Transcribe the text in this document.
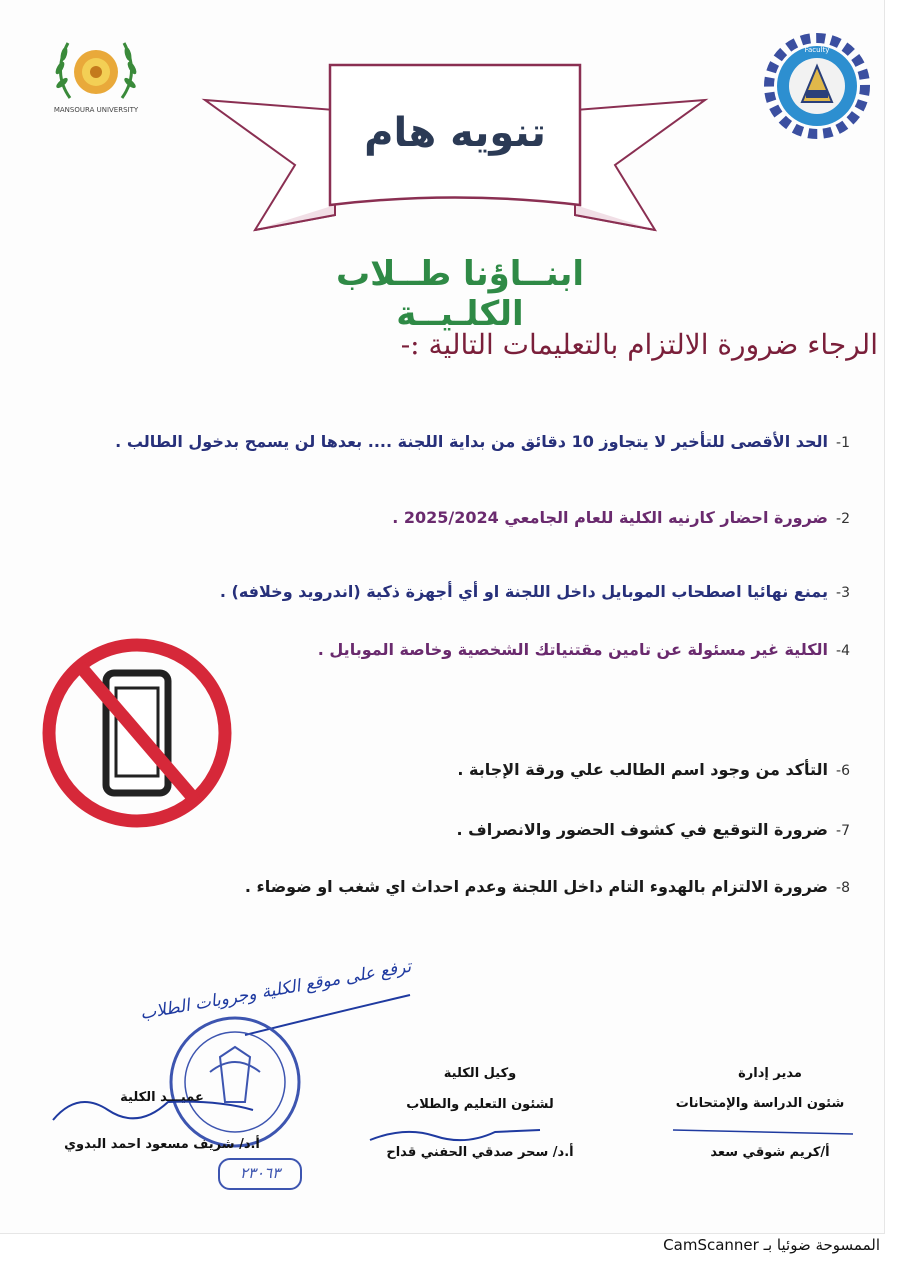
MANSOURA UNIVERSITY
Faculty
تنويه هام
ابنــاؤنا طــلاب الكلـيــة
الرجاء ضرورة الالتزام بالتعليمات التالية :-
1-الحد الأقصى للتأخير لا يتجاوز 10 دقائق من بداية اللجنة .... بعدها لن يسمح بدخول الطالب .
2-ضرورة احضار كارنيه الكلية للعام الجامعي 2025/2024 .
3-يمنع نهائيا اصطحاب الموبايل داخل اللجنة او أي أجهزة ذكية (اندرويد وخلافه) .
4-الكلية غير مسئولة عن تامين مقتنياتك الشخصية وخاصة الموبايل .
6-التأكد من وجود اسم الطالب علي ورقة الإجابة .
7-ضرورة التوقيع في كشوف الحضور والانصراف .
8-ضرورة الالتزام بالهدوء التام داخل اللجنة وعدم احداث اي شغب او ضوضاء .
ترفع على موقع الكلية وجروبات الطلاب
٢٣٠٦٣
عميـــد الكلية
أ.د/ شريف مسعود احمد البدوي
وكيل الكلية
لشئون التعليم والطلاب
أ.د/ سحر صدقي الحفني قداح
مدير إدارة
شئون الدراسة والإمتحانات
أ/كريم شوقي سعد
الممسوحة ضوئيا بـ CamScanner
